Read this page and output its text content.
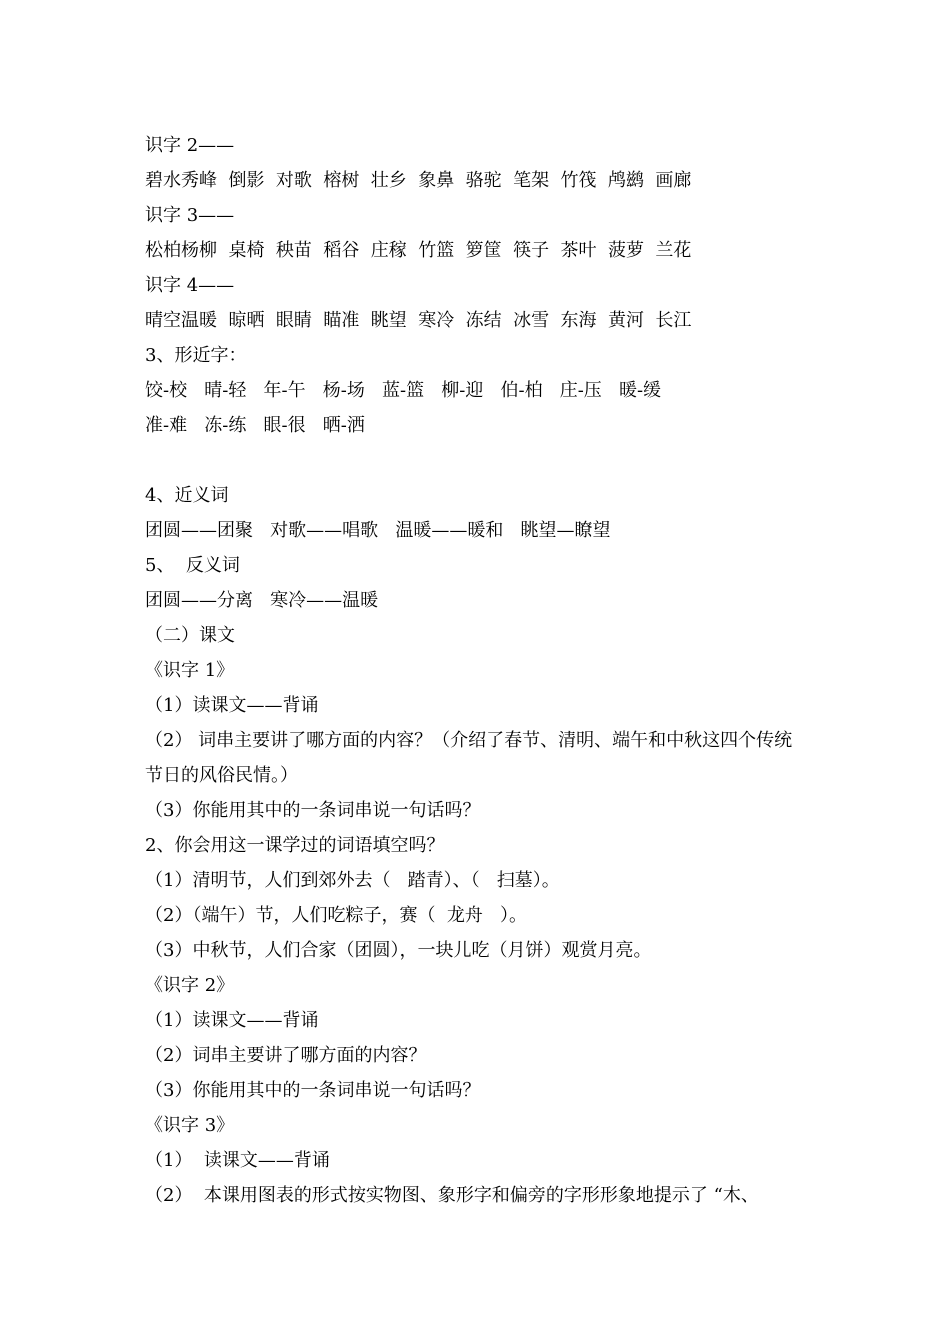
识字 2——
碧水秀峰  倒影  对歌  榕树  壮乡  象鼻  骆驼  笔架  竹筏  鸬鹚  画廊
识字 3——
松柏杨柳  桌椅  秧苗  稻谷  庄稼  竹篮  箩筐  筷子  茶叶  菠萝  兰花
识字 4——
晴空温暖  晾晒  眼睛  瞄准  眺望  寒冷  冻结  冰雪  东海  黄河  长江
3、形近字：
饺-校   晴-轻   年-午   杨-场   蓝-篮   柳-迎   伯-柏   庄-压   暖-缓
准-难   冻-练   眼-很   晒-洒
4、近义词
团圆——团聚   对歌——唱歌   温暖——暖和   眺望—瞭望
5、  反义词
团圆——分离   寒冷——温暖
（二）课文
《识字 1》
（1）读课文——背诵
（2） 词串主要讲了哪方面的内容？（介绍了春节、清明、端午和中秋这四个传统
节日的风俗民情。）
（3）你能用其中的一条词串说一句话吗？
2、你会用这一课学过的词语填空吗？
（1）清明节，人们到郊外去（   踏青）、（   扫墓）。
（2）（端午）节，人们吃粽子，赛（  龙舟   ）。
（3）中秋节，人们合家（团圆），一块儿吃（月饼）观赏月亮。
《识字 2》
（1）读课文——背诵
（2）词串主要讲了哪方面的内容？
（3）你能用其中的一条词串说一句话吗？
《识字 3》
（1）  读课文——背诵
（2）  本课用图表的形式按实物图、象形字和偏旁的字形形象地提示了 “木、
